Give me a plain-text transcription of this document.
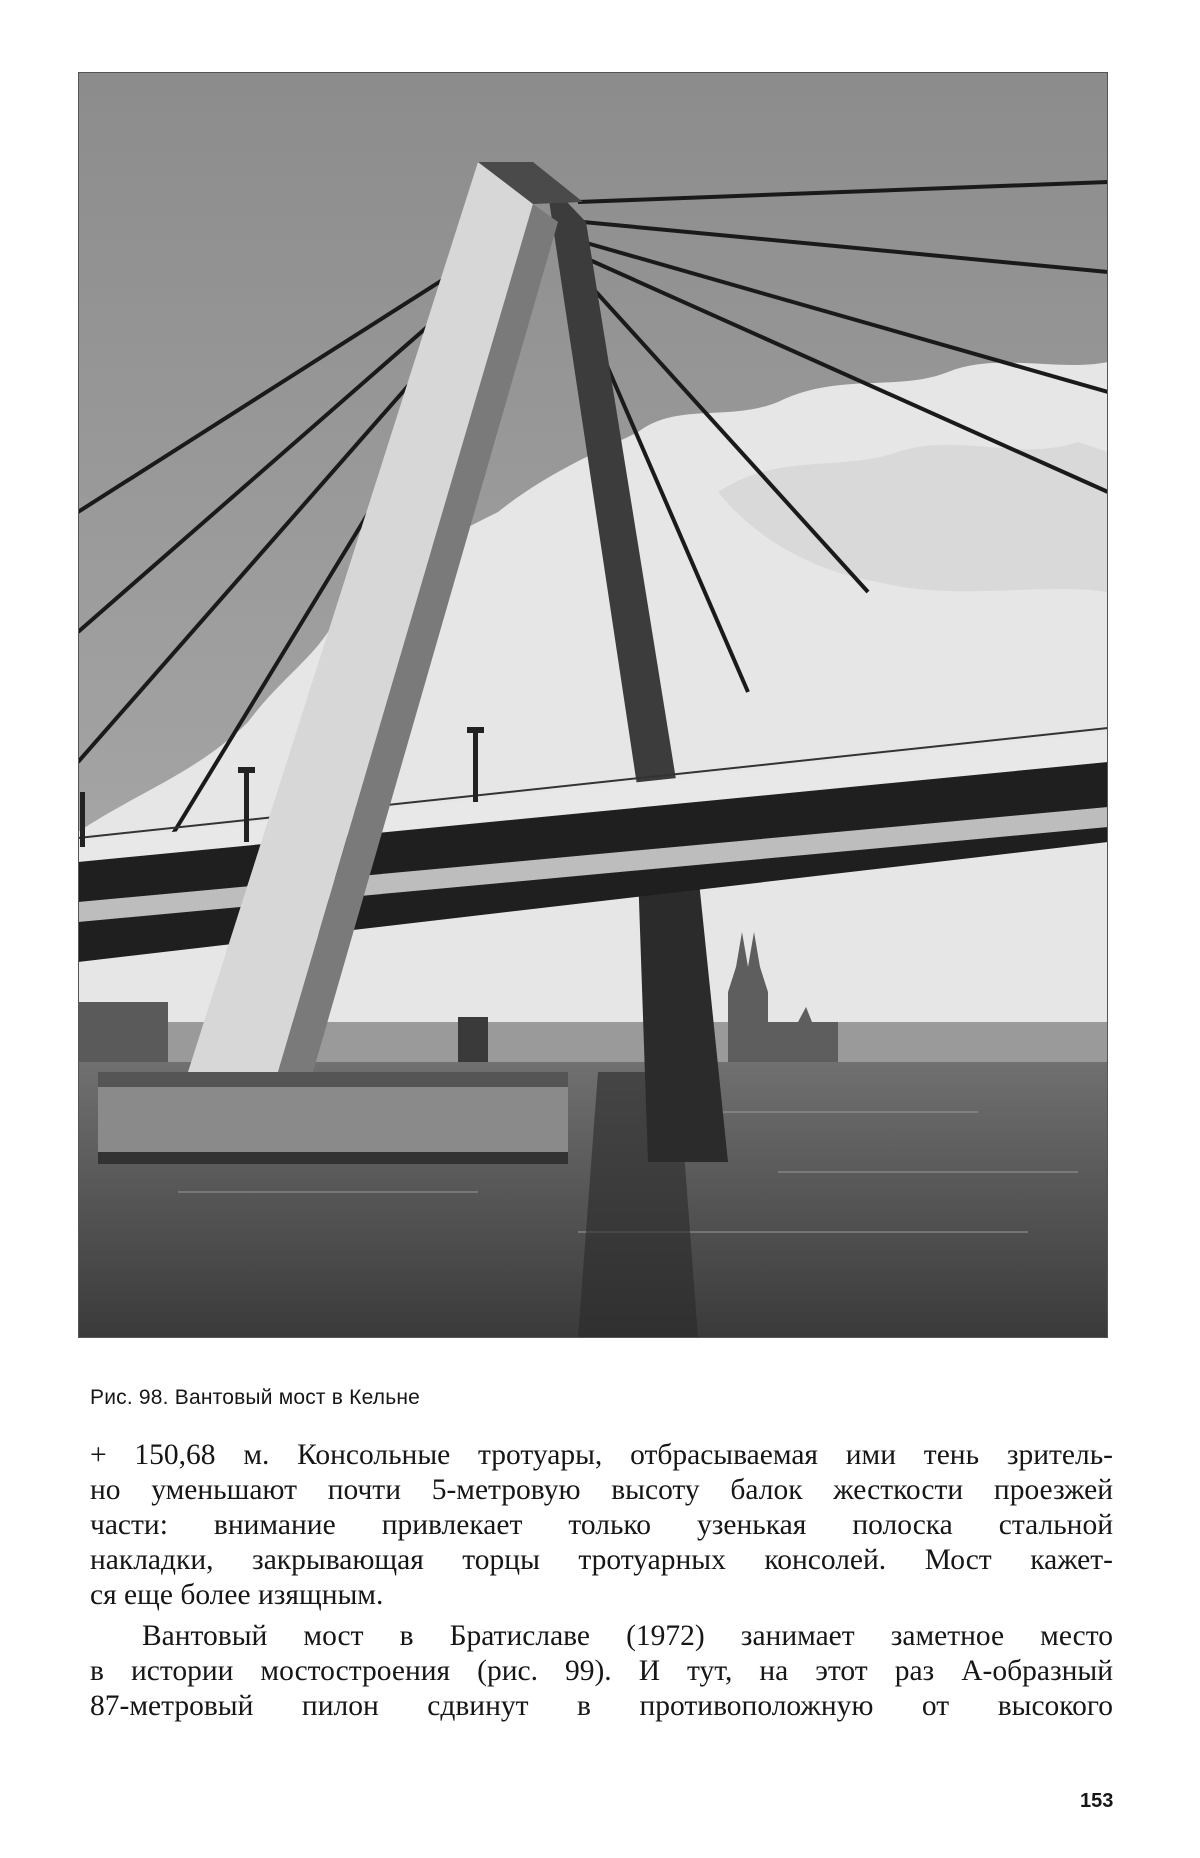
Рис. 98. Вантовый мост в Кельне

+ 150,68 м. Консольные тротуары, отбрасываемая ими тень зритель-
но уменьшают почти 5-метровую высоту балок жесткости проезжей
части: внимание привлекает только узенькая полоска стальной
накладки, закрывающая торцы тротуарных консолей. Мост кажет-
ся еще более изящным.

Вантовый мост в Братиславе (1972) занимает заметное место
в истории мостостроения (рис. 99). И тут, на этот раз А-образный
87-метровый пилон сдвинут в противоположную от высокого

153
